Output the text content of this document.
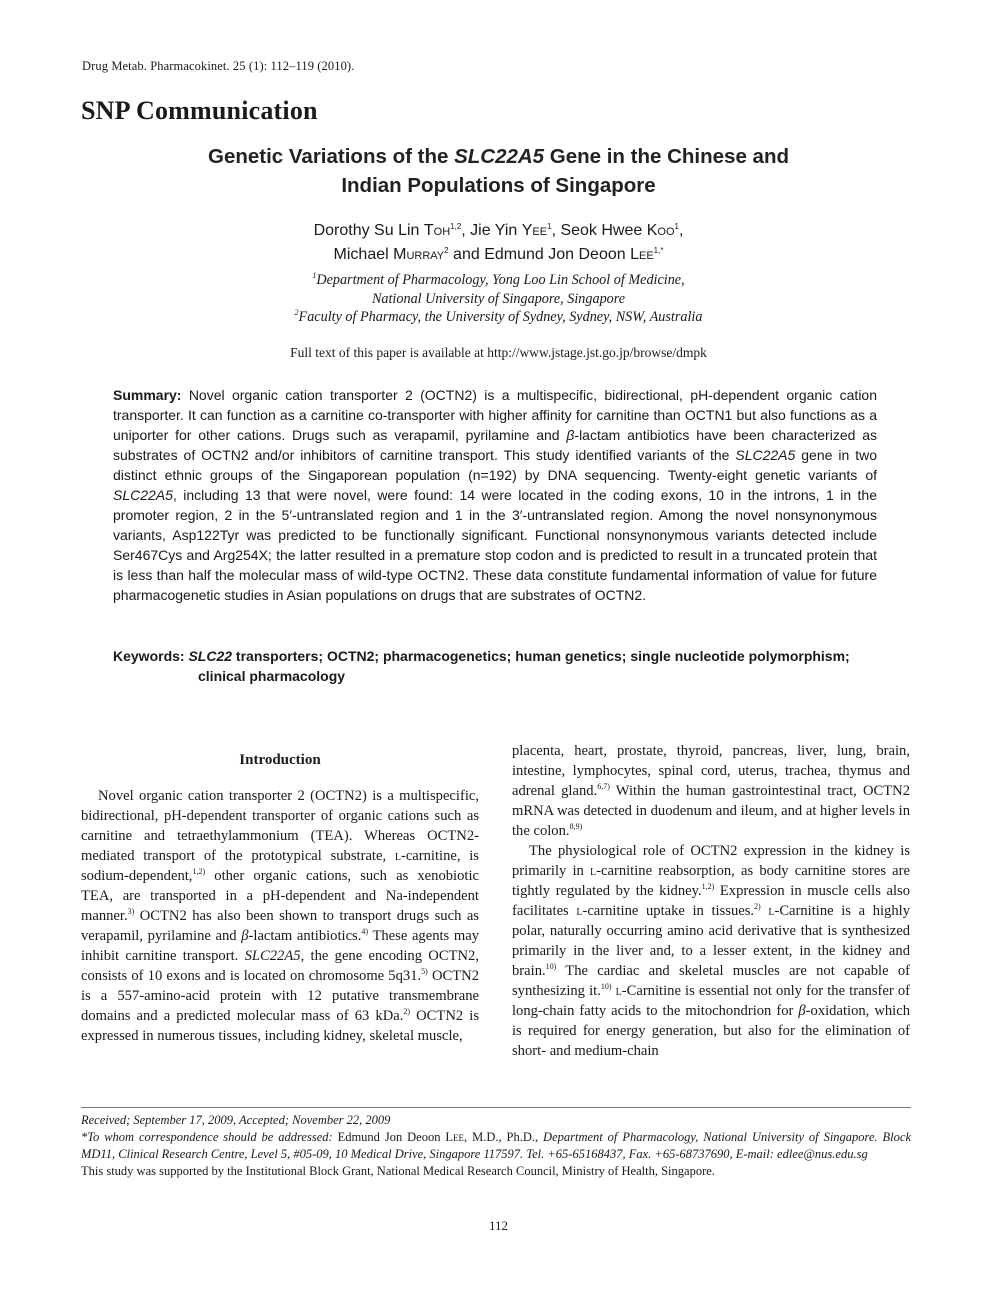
Drug Metab. Pharmacokinet. 25 (1): 112–119 (2010).
SNP Communication
Genetic Variations of the SLC22A5 Gene in the Chinese and
Indian Populations of Singapore
Dorothy Su Lin Toh$^{1,2}$, Jie Yin Yee$^1$, Seok Hwee Koo$^1$,
Michael Murray$^2$ and Edmund Jon Deoon Lee$^{1,*}$
$^1$Department of Pharmacology, Yong Loo Lin School of Medicine,
National University of Singapore, Singapore
$^2$Faculty of Pharmacy, the University of Sydney, Sydney, NSW, Australia
Full text of this paper is available at http://www.jstage.jst.go.jp/browse/dmpk
Summary: Novel organic cation transporter 2 (OCTN2) is a multispecific, bidirectional, pH-dependent organic cation transporter. It can function as a carnitine co-transporter with higher affinity for carnitine than OCTN1 but also functions as a uniporter for other cations. Drugs such as verapamil, pyrilamine and β-lactam antibiotics have been characterized as substrates of OCTN2 and/or inhibitors of carnitine transport. This study identified variants of the SLC22A5 gene in two distinct ethnic groups of the Singaporean population (n=192) by DNA sequencing. Twenty-eight genetic variants of SLC22A5, including 13 that were novel, were found: 14 were located in the coding exons, 10 in the introns, 1 in the promoter region, 2 in the 5′-untranslated region and 1 in the 3′-untranslated region. Among the novel nonsynonymous variants, Asp122Tyr was predicted to be functionally significant. Functional nonsynonymous variants detected include Ser467Cys and Arg254X; the latter resulted in a premature stop codon and is predicted to result in a truncated protein that is less than half the molecular mass of wild-type OCTN2. These data constitute fundamental information of value for future pharmacogenetic studies in Asian populations on drugs that are substrates of OCTN2.
Keywords: SLC22 transporters; OCTN2; pharmacogenetics; human genetics; single nucleotide polymorphism; clinical pharmacology

Introduction

Novel organic cation transporter 2 (OCTN2) is a multispecific, bidirectional, pH-dependent transporter of organic cations such as carnitine and tetraethylammonium (TEA). Whereas OCTN2-mediated transport of the prototypical substrate, l-carnitine, is sodium-dependent,$^{1,2)}$ other organic cations, such as xenobiotic TEA, are transported in a pH-dependent and Na-independent manner.$^{3)}$ OCTN2 has also been shown to transport drugs such as verapamil, pyrilamine and β-lactam antibiotics.$^{4)}$ These agents may inhibit carnitine transport. SLC22A5, the gene encoding OCTN2, consists of 10 exons and is located on chromosome 5q31.$^{5)}$ OCTN2 is a 557-amino-acid protein with 12 putative transmembrane domains and a predicted molecular mass of 63 kDa.$^{2)}$ OCTN2 is expressed in numerous tissues, including kidney, skeletal muscle,

placenta, heart, prostate, thyroid, pancreas, liver, lung, brain, intestine, lymphocytes, spinal cord, uterus, trachea, thymus and adrenal gland.$^{6,7)}$ Within the human gastrointestinal tract, OCTN2 mRNA was detected in duodenum and ileum, and at higher levels in the colon.$^{8,9)}$

The physiological role of OCTN2 expression in the kidney is primarily in l-carnitine reabsorption, as body carnitine stores are tightly regulated by the kidney.$^{1,2)}$ Expression in muscle cells also facilitates l-carnitine uptake in tissues.$^{2)}$ l-Carnitine is a highly polar, naturally occurring amino acid derivative that is synthesized primarily in the liver and, to a lesser extent, in the kidney and brain.$^{10)}$ The cardiac and skeletal muscles are not capable of synthesizing it.$^{10)}$ l-Carnitine is essential not only for the transfer of long-chain fatty acids to the mitochondrion for β-oxidation, which is required for energy generation, but also for the elimination of short- and medium-chain

Received; September 17, 2009, Accepted; November 22, 2009

*To whom correspondence should be addressed: Edmund Jon Deoon Lee, M.D., Ph.D., Department of Pharmacology, National University of Singapore. Block MD11, Clinical Research Centre, Level 5, #05-09, 10 Medical Drive, Singapore 117597. Tel. +65-65168437, Fax. +65-68737690, E-mail: edlee@nus.edu.sg

This study was supported by the Institutional Block Grant, National Medical Research Council, Ministry of Health, Singapore.

112
